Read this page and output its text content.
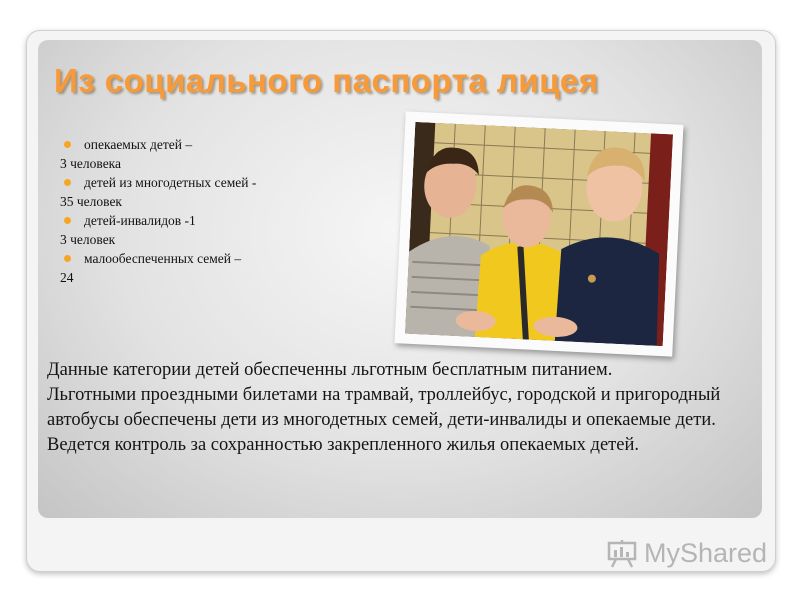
Из социального паспорта лицея
опекаемых детей –
3 человека
детей из многодетных семей -
35 человек
детей-инвалидов -1
3 человек
малообеспеченных семей –
24

Данные категории детей обеспеченны льготным бесплатным питанием.

Льготными проездными билетами на трамвай, троллейбус, городской и пригородный автобусы обеспечены дети из многодетных семей, дети-инвалиды и опекаемые дети.

Ведется контроль за сохранностью закрепленного жилья опекаемых детей.

MyShared
